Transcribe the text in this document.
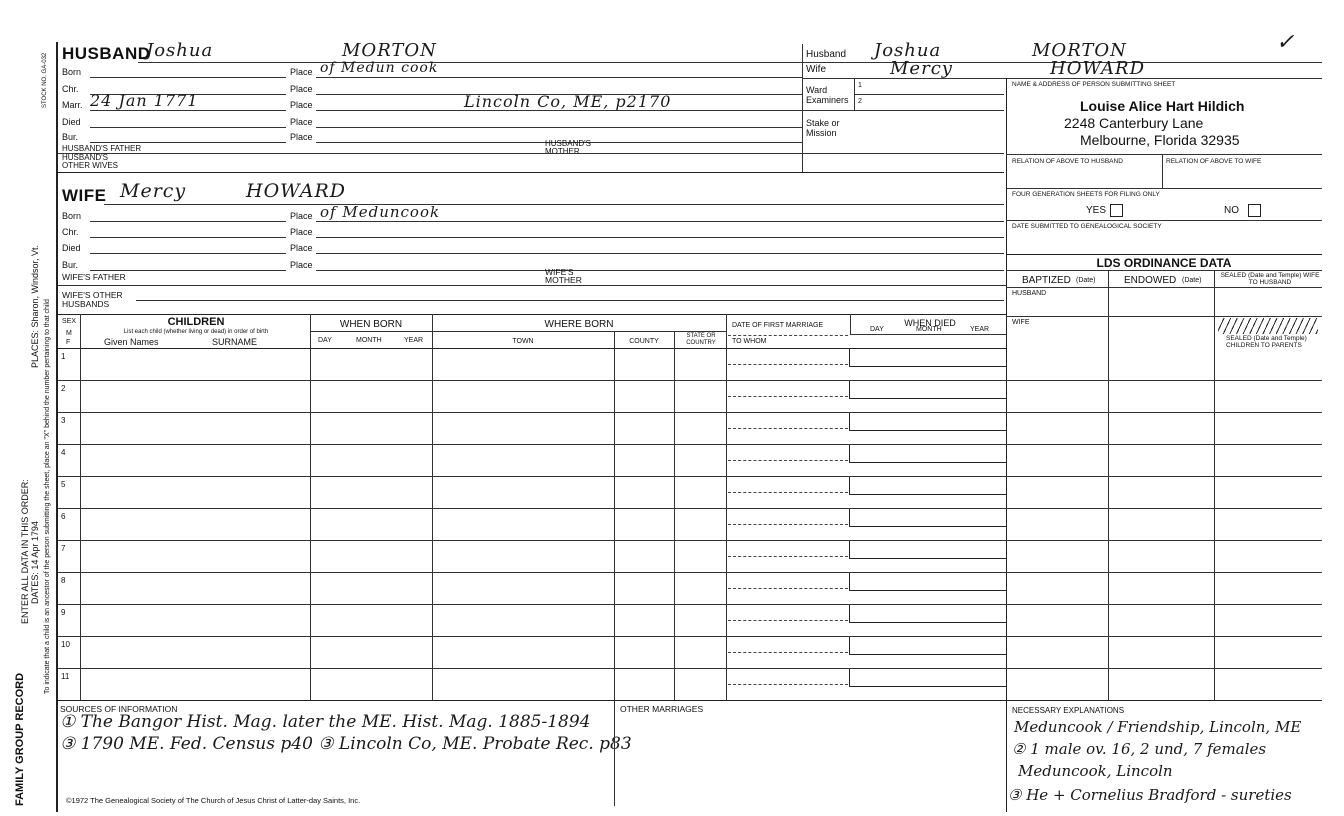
FAMILY GROUP RECORD
ENTER ALL DATA IN THIS ORDER:
PLACES: Sharon, Windsor, Vt.
DATES: 14 Apr 1794 To indicate that a child is an ancestor of the person submitting the sheet, place an "X" behind the number pertaining to that child
STOCK NO. GA-032 HUSBAND
Joshua	MORTON
Born	Place of Medun cook
Chr.	Place
Marr. 24 Jan 1771	Place	Lincoln Co, ME, p2170
Died	Place
Bur.	Place
HUSBAND'S FATHER
HUSBAND'S MOTHER
HUSBAND'S OTHER WIVES
Husband Joshua	MORTON	✓
Wife	Mercy	HOWARD
Ward
Examiners
1
2
Stake or
Mission
NAME & ADDRESS OF PERSON SUBMITTING SHEET
Louise Alice Hart Hildich
2248 Canterbury Lane
Melbourne, Florida 32935
RELATION OF ABOVE TO HUSBAND	RELATION OF ABOVE TO WIFE
FOUR GENERATION SHEETS FOR FILING ONLY
YES	NO
DATE SUBMITTED TO GENEALOGICAL SOCIETY
LDS ORDINANCE DATA
BAPTIZED (Date)	ENDOWED (Date)
SEALED (Date and Temple) WIFE TO HUSBAND
HUSBAND
WIFE
SEALED (Date and Temple) CHILDREN TO PARENTS
WIFE Mercy	HOWARD
Born	Place of Meduncook
Chr.	Place
Died	Place
Bur.	Place
WIFE'S FATHER	WIFE'S MOTHER
WIFE'S OTHER HUSBANDS
SEX
M
F
CHILDREN
List each child (whether living or dead) in order of birth
Given Names	SURNAME
WHEN BORN
DAY	MONTH	YEAR
WHERE BORN
TOWN	COUNTY
STATE OR COUNTRY
DATE OF FIRST MARRIAGE
TO WHOM
DAY
WHEN DIED
MONTH	YEAR
1
2
3
4
5
6
7
8
9
10
11
SOURCES OF INFORMATION
① The Bangor Hist. Mag. later the ME. Hist. Mag. 1885-1894
③ 1790 ME. Fed. Census p40 ③ Lincoln Co, ME. Probate Rec. p83
OTHER MARRIAGES
©1972 The Genealogical Society of The Church of Jesus Christ of Latter-day Saints, Inc.
NECESSARY EXPLANATIONS
Meduncook / Friendship, Lincoln, ME
② 1 male ov. 16, 2 und, 7 females
Meduncook, Lincoln
③ He + Cornelius Bradford - sureties
